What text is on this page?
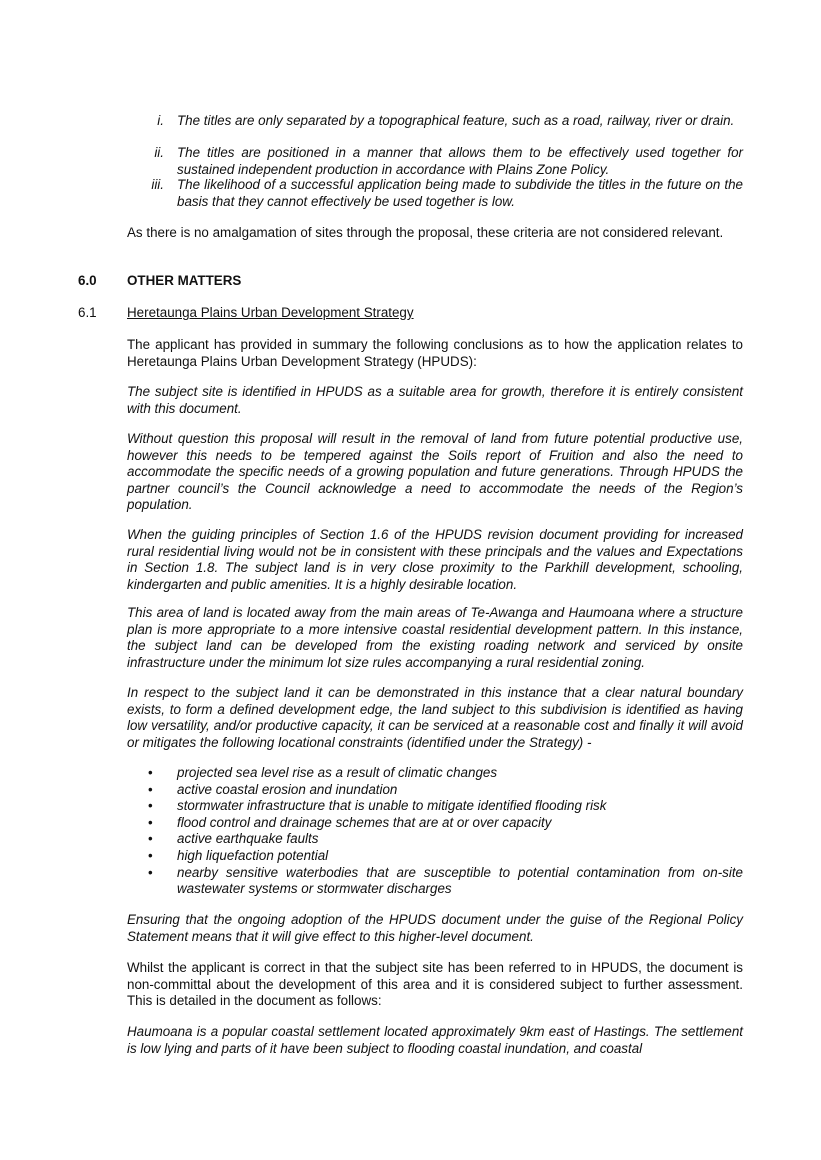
i. The titles are only separated by a topographical feature, such as a road, railway, river or drain.

ii. The titles are positioned in a manner that allows them to be effectively used together for sustained independent production in accordance with Plains Zone Policy.

iii. The likelihood of a successful application being made to subdivide the titles in the future on the basis that they cannot effectively be used together is low.

As there is no amalgamation of sites through the proposal, these criteria are not considered relevant.

6.0 OTHER MATTERS
6.1 Heretaunga Plains Urban Development Strategy

The applicant has provided in summary the following conclusions as to how the application relates to Heretaunga Plains Urban Development Strategy (HPUDS):

The subject site is identified in HPUDS as a suitable area for growth, therefore it is entirely consistent with this document.

Without question this proposal will result in the removal of land from future potential productive use, however this needs to be tempered against the Soils report of Fruition and also the need to accommodate the specific needs of a growing population and future generations. Through HPUDS the partner council’s the Council acknowledge a need to accommodate the needs of the Region’s population.

When the guiding principles of Section 1.6 of the HPUDS revision document providing for increased rural residential living would not be in consistent with these principals and the values and Expectations in Section 1.8. The subject land is in very close proximity to the Parkhill development, schooling, kindergarten and public amenities. It is a highly desirable location.

This area of land is located away from the main areas of Te-Awanga and Haumoana where a structure plan is more appropriate to a more intensive coastal residential development pattern. In this instance, the subject land can be developed from the existing roading network and serviced by onsite infrastructure under the minimum lot size rules accompanying a rural residential zoning.

In respect to the subject land it can be demonstrated in this instance that a clear natural boundary exists, to form a defined development edge, the land subject to this subdivision is identified as having low versatility, and/or productive capacity, it can be serviced at a reasonable cost and finally it will avoid or mitigates the following locational constraints (identified under the Strategy) -

• projected sea level rise as a result of climatic changes
• active coastal erosion and inundation
• stormwater infrastructure that is unable to mitigate identified flooding risk
• flood control and drainage schemes that are at or over capacity
• active earthquake faults
• high liquefaction potential
• nearby sensitive waterbodies that are susceptible to potential contamination from on-site wastewater systems or stormwater discharges

Ensuring that the ongoing adoption of the HPUDS document under the guise of the Regional Policy Statement means that it will give effect to this higher-level document.

Whilst the applicant is correct in that the subject site has been referred to in HPUDS, the document is non-committal about the development of this area and it is considered subject to further assessment. This is detailed in the document as follows:

Haumoana is a popular coastal settlement located approximately 9km east of Hastings. The settlement is low lying and parts of it have been subject to flooding coastal inundation, and coastal
